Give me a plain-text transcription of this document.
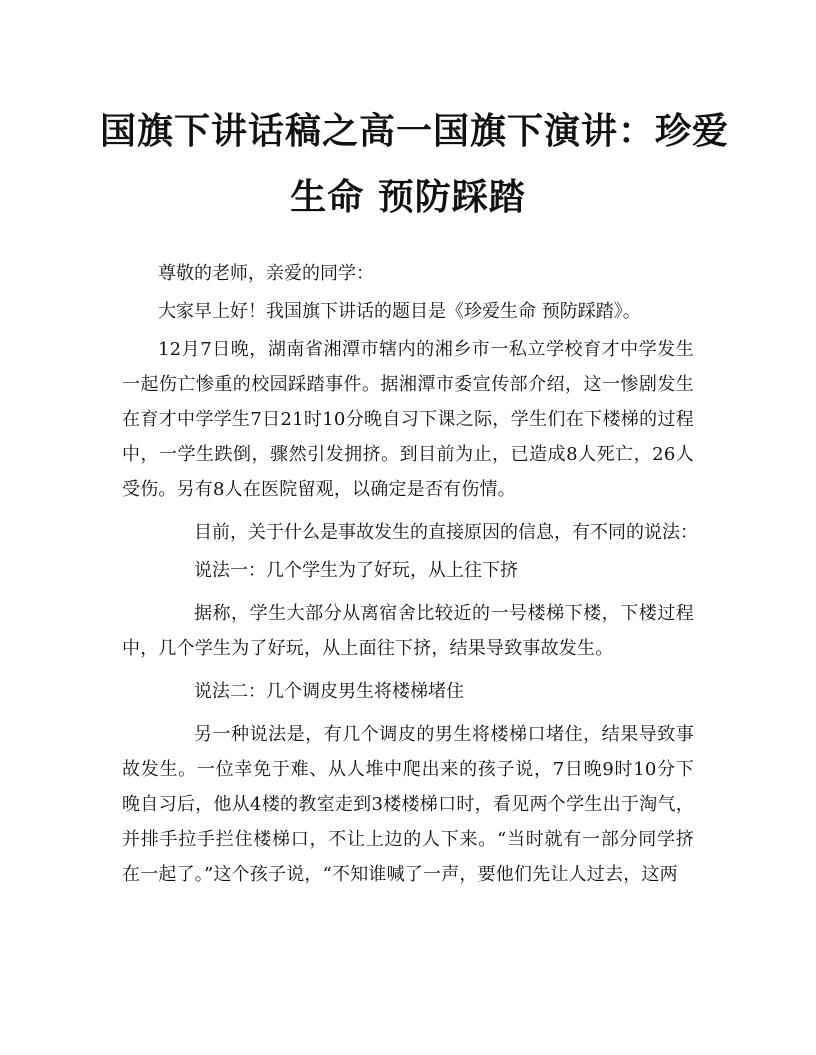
国旗下讲话稿之高一国旗下演讲：珍爱
生命 预防踩踏

尊敬的老师，亲爱的同学：

大家早上好！我国旗下讲话的题目是《珍爱生命 预防踩踏》。

12月7日晚，湖南省湘潭市辖内的湘乡市一私立学校育才中学发生一起伤亡惨重的校园踩踏事件。据湘潭市委宣传部介绍，这一惨剧发生在育才中学学生7日21时10分晚自习下课之际，学生们在下楼梯的过程中，一学生跌倒，骤然引发拥挤。到目前为止，已造成8人死亡，26人受伤。另有8人在医院留观，以确定是否有伤情。

目前，关于什么是事故发生的直接原因的信息，有不同的说法：

说法一：几个学生为了好玩，从上往下挤

据称，学生大部分从离宿舍比较近的一号楼梯下楼，下楼过程中，几个学生为了好玩，从上面往下挤，结果导致事故发生。

说法二：几个调皮男生将楼梯堵住

另一种说法是，有几个调皮的男生将楼梯口堵住，结果导致事故发生。一位幸免于难、从人堆中爬出来的孩子说，7日晚9时10分下晚自习后，他从4楼的教室走到3楼楼梯口时，看见两个学生出于淘气，并排手拉手拦住楼梯口，不让上边的人下来。“当时就有一部分同学挤在一起了。”这个孩子说，“不知谁喊了一声，要他们先让人过去，这两
